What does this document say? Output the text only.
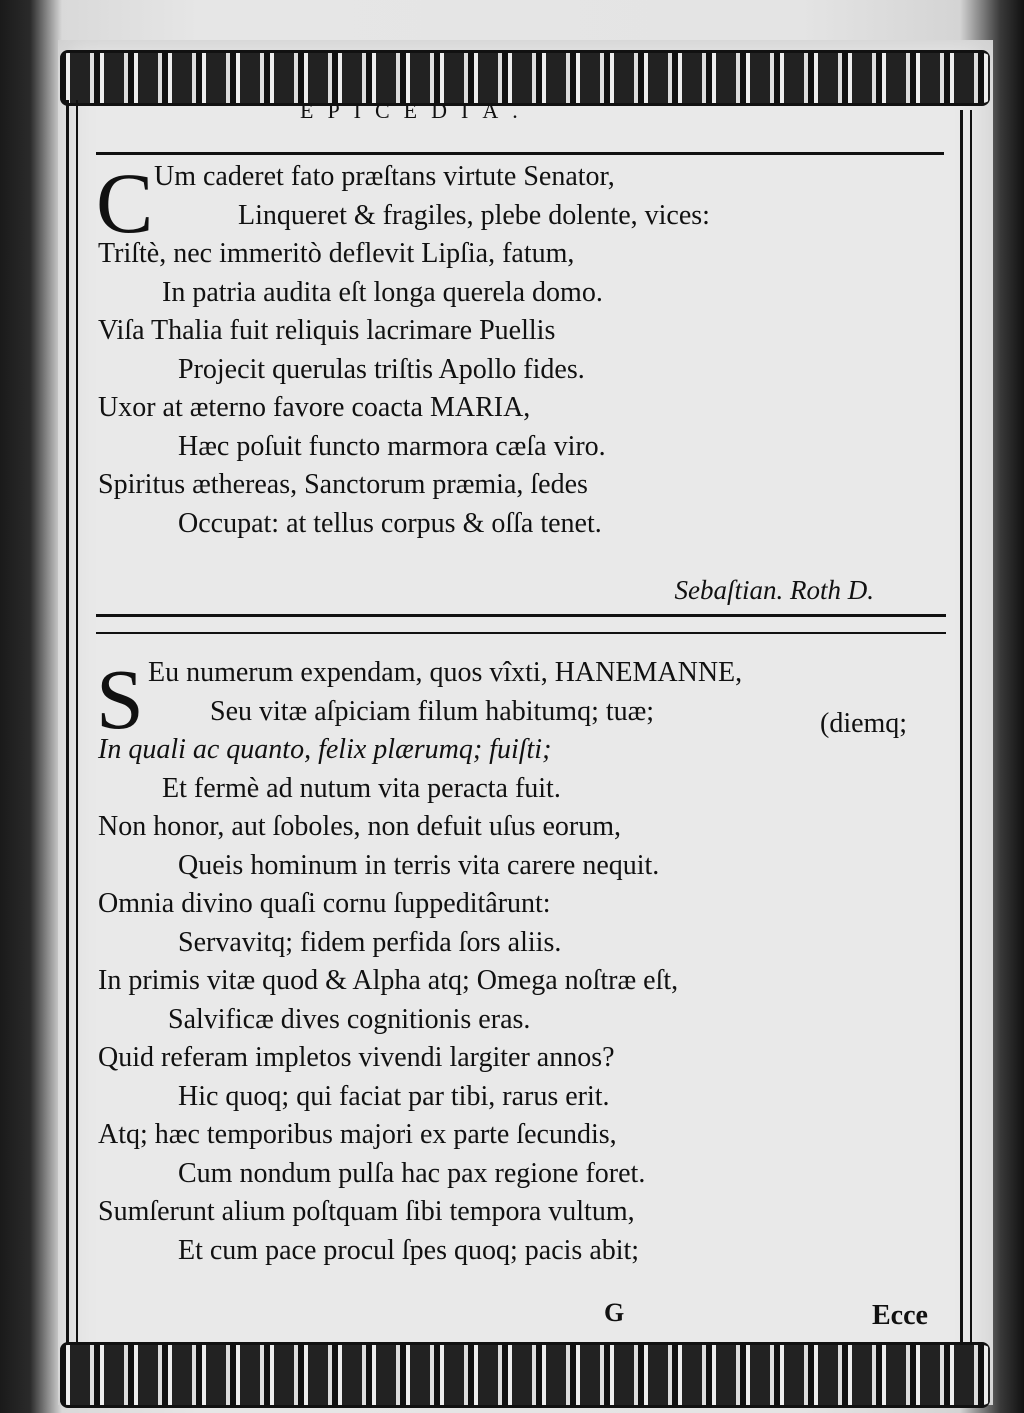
EPICEDIA.
C Um caderet fato præſtans virtute Senator,
Linqueret & fragiles, plebe dolente, vices:
Triſtè, nec immeritò deflevit Lipſia, fatum,
In patria audita eſt longa querela domo.
Viſa Thalia fuit reliquis lacrimare Puellis
Projecit querulas triſtis Apollo fides.
Uxor at æterno favore coacta MARIA,
Hæc poſuit functo marmora cæſa viro.
Spiritus æthereas, Sanctorum præmia, ſedes
Occupat: at tellus corpus & oſſa tenet.
Sebaſtian. Roth D.
S Eu numerum expendam, quos vîxti, HANEMANNE,
Seu vitæ aſpiciam filum habitumq; tuæ;
In quali ac quanto, felix plærumq; fuiſti;
Et fermè ad nutum vita peracta fuit.
Non honor, aut ſoboles, non defuit uſus eorum,
Queis hominum in terris vita carere nequit.
Omnia divino quaſi cornu ſuppeditârunt:
Servavitq; fidem perfida ſors aliis.
In primis vitæ quod & Alpha atq; Omega noſtræ eſt,
Salvificæ dives cognitionis eras.
Quid referam impletos vivendi largiter annos?
Hic quoq; qui faciat par tibi, rarus erit.
Atq; hæc temporibus majori ex parte ſecundis,
Cum nondum pulſa hac pax regione foret.
Sumſerunt alium poſtquam ſibi tempora vultum,
Et cum pace procul ſpes quoq; pacis abit;
(diemq;
G	Ecce
